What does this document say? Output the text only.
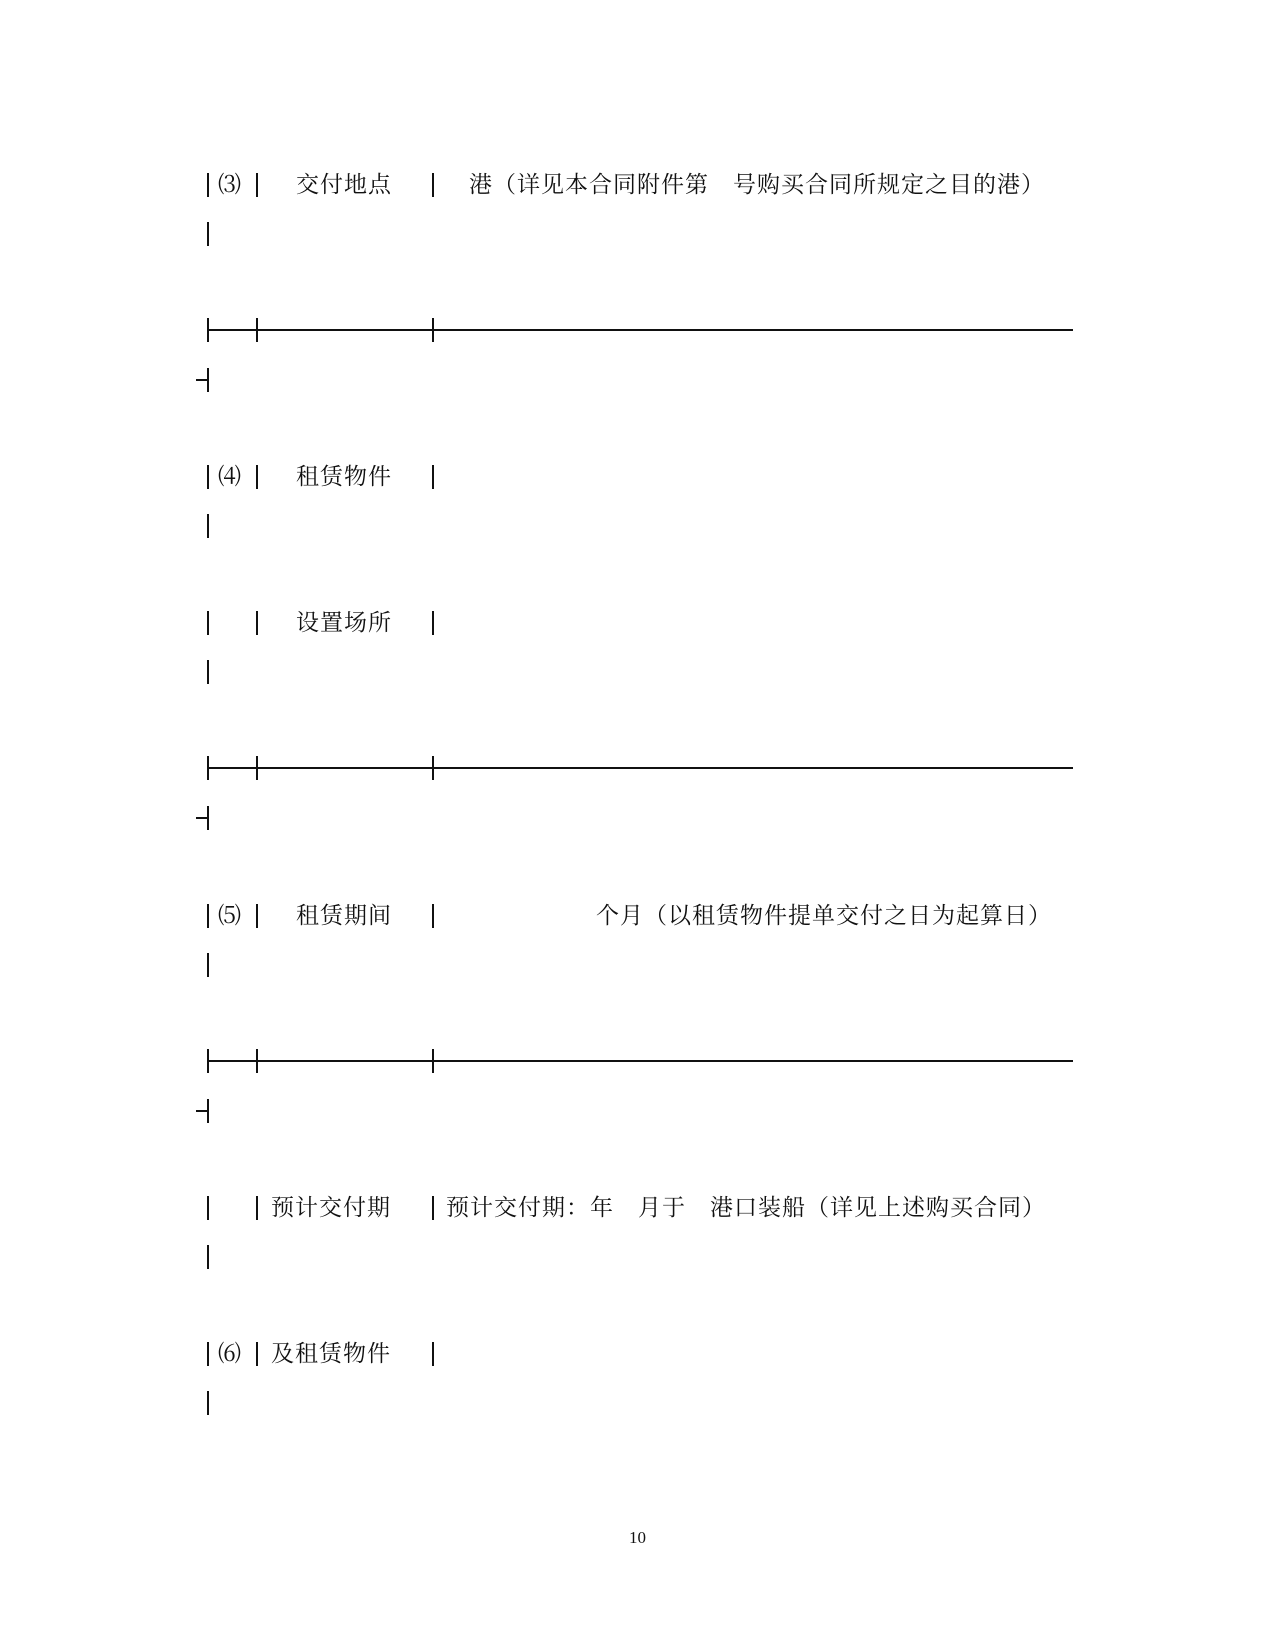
⑶ 交付地点	港（详见本合同附件第　号购买合同所规定之目的港）
⑷ 租赁物件
设置场所
⑸ 租赁期间	个月（以租赁物件提单交付之日为起算日）
预计交付期 预计交付期：年　月于　港口装船（详见上述购买合同）
⑹ 及租赁物件
10
